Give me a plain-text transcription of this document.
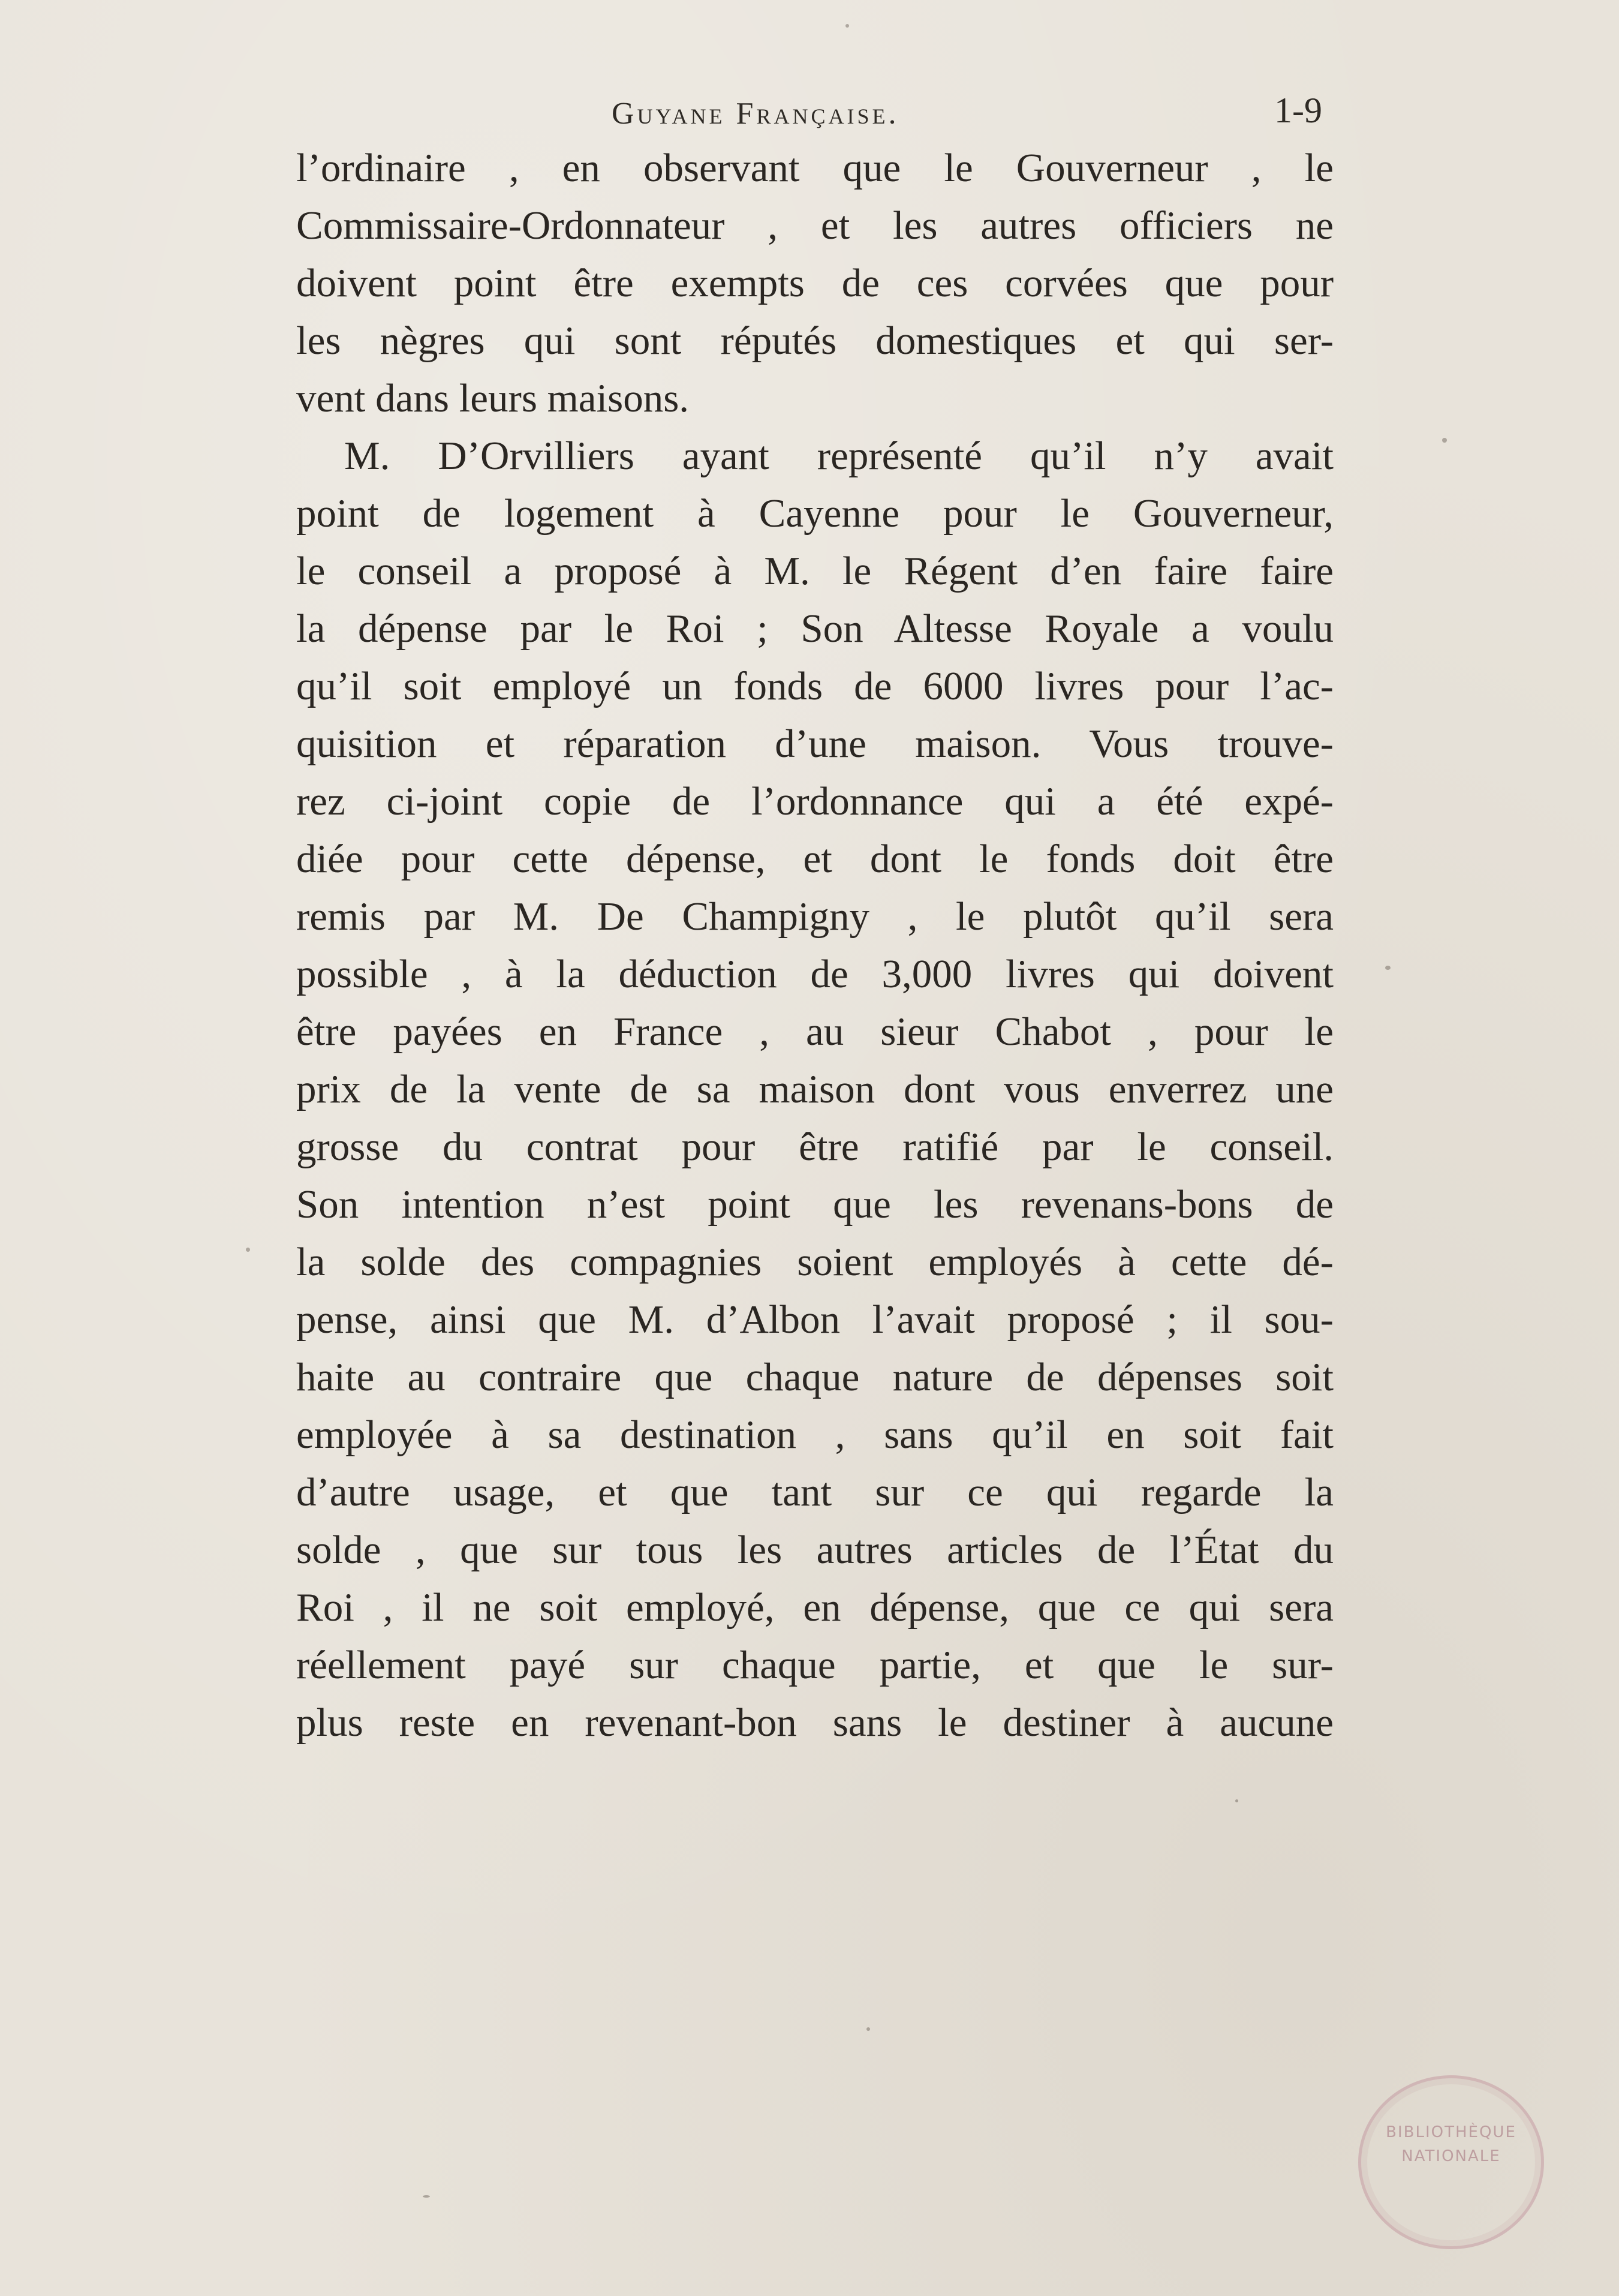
Guyane Française.	1-9
l’ordinaire , en observant que le Gouverneur , le
Commissaire-Ordonnateur , et les autres officiers ne
doivent point être exempts de ces corvées que pour
les nègres qui sont réputés domestiques et qui ser-
vent dans leurs maisons.
M. D’Orvilliers ayant représenté qu’il n’y avait
point de logement à Cayenne pour le Gouverneur,
le conseil a proposé à M. le Régent d’en faire faire
la dépense par le Roi ; Son Altesse Royale a voulu
qu’il soit employé un fonds de 6000 livres pour l’ac-
quisition et réparation d’une maison. Vous trouve-
rez ci-joint copie de l’ordonnance qui a été expé-
diée pour cette dépense, et dont le fonds doit être
remis par M. De Champigny , le plutôt qu’il sera
possible , à la déduction de 3,000 livres qui doivent
être payées en France , au sieur Chabot , pour le
prix de la vente de sa maison dont vous enverrez une
grosse du contrat pour être ratifié par le conseil.
Son intention n’est point que les revenans-bons de
la solde des compagnies soient employés à cette dé-
pense, ainsi que M. d’Albon l’avait proposé ; il sou-
haite au contraire que chaque nature de dépenses soit
employée à sa destination , sans qu’il en soit fait
d’autre usage, et que tant sur ce qui regarde la
solde , que sur tous les autres articles de l’État du
Roi , il ne soit employé, en dépense, que ce qui sera
réellement payé sur chaque partie, et que le sur-
plus reste en revenant-bon sans le destiner à aucune
BIBLIOTHÈQUE NATIONALE
